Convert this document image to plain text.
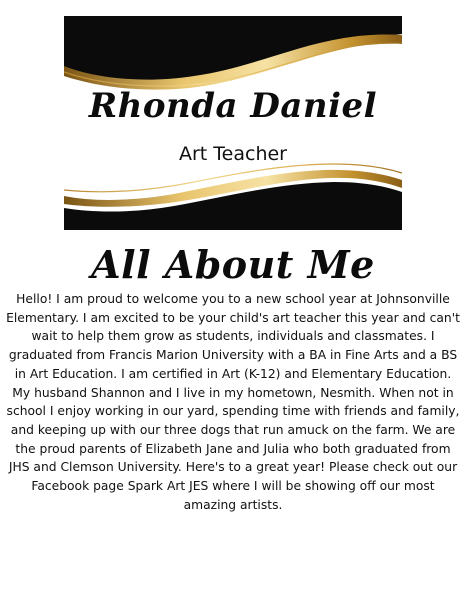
Rhonda Daniel
Art Teacher
All About Me

Hello! I am proud to welcome you to a new school year at Johnsonville Elementary. I am excited to be your child's art teacher this year and can't wait to help them grow as students, individuals and classmates. I graduated from Francis Marion University with a BA in Fine Arts and a BS in Art Education. I am certified in Art (K-12) and Elementary Education. My husband Shannon and I live in my hometown, Nesmith. When not in school I enjoy working in our yard, spending time with friends and family, and keeping up with our three dogs that run amuck on the farm. We are the proud parents of Elizabeth Jane and Julia who both graduated from JHS and Clemson University. Here's to a great year! Please check out our Facebook page Spark Art JES where I will be showing off our most amazing artists.
